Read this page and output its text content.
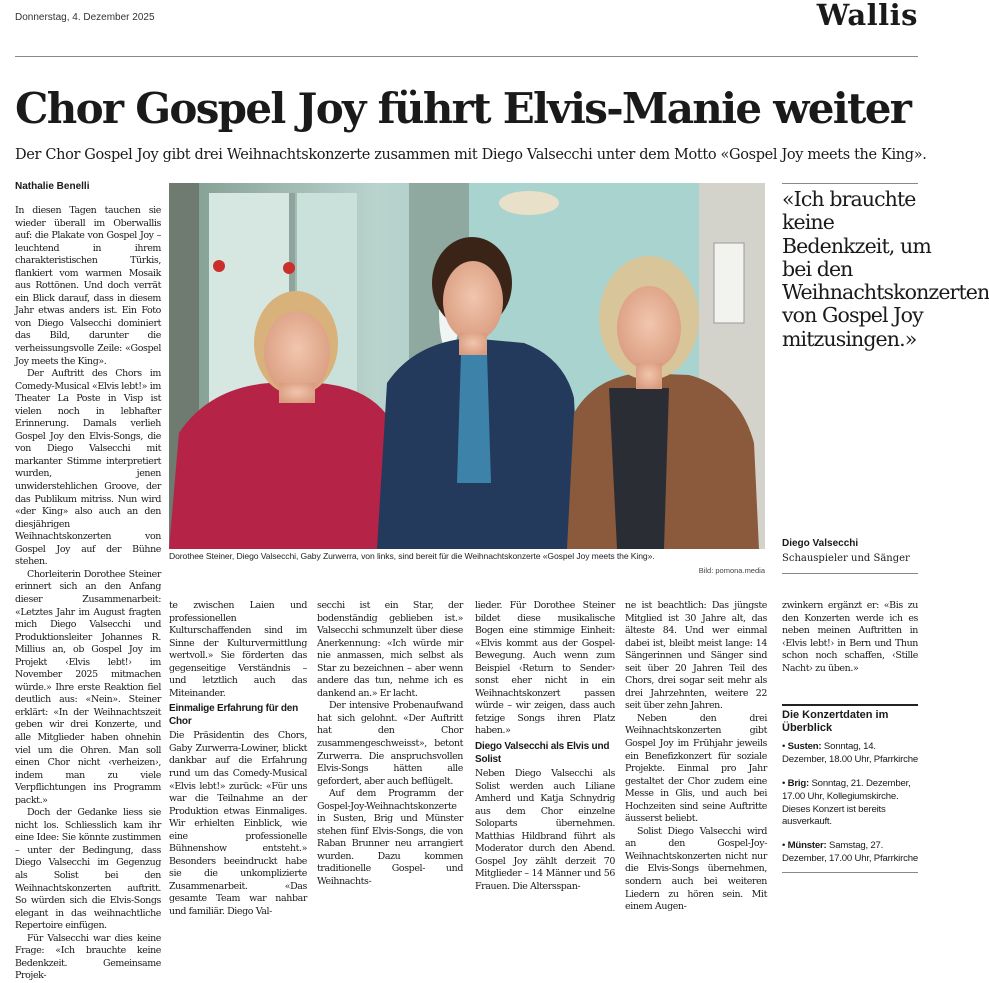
Donnerstag, 4. Dezember 2025	Wallis
Chor Gospel Joy führt Elvis-Manie weiter
Der Chor Gospel Joy gibt drei Weihnachtskonzerte zusammen mit Diego Valsecchi unter dem Motto «Gospel Joy meets the King».
Nathalie Benelli

In diesen Tagen tauchen sie wieder überall im Oberwallis auf: die Plakate von Gospel Joy – leuchtend in ihrem charakteristischen Türkis, flankiert vom warmen Mosaik aus Rottönen. Und doch verrät ein Blick darauf, dass in diesem Jahr etwas anders ist. Ein Foto von Diego Valsecchi dominiert das Bild, darunter die verheissungsvolle Zeile: «Gospel Joy meets the King».

Der Auftritt des Chors im Comedy-Musical «Elvis lebt!» im Theater La Poste in Visp ist vielen noch in lebhafter Erinnerung. Damals verlieh Gospel Joy den Elvis-Songs, die von Diego Valsecchi mit markanter Stimme interpretiert wurden, jenen unwiderstehlichen Groove, der das Publikum mitriss. Nun wird «der King» also auch an den diesjährigen Weihnachtskonzerten von Gospel Joy auf der Bühne stehen.

Chorleiterin Dorothee Steiner erinnert sich an den Anfang dieser Zusammenarbeit: «Letztes Jahr im August fragten mich Diego Valsecchi und Produktionsleiter Johannes R. Millius an, ob Gospel Joy im Projekt ‹Elvis lebt!› im November 2025 mitmachen würde.» Ihre erste Reaktion fiel deutlich aus: «Nein». Steiner erklärt: «In der Weihnachtszeit geben wir drei Konzerte, und alle Mitglieder haben ohnehin viel um die Ohren. Man soll einen Chor nicht ‹verheizen›, indem man zu viele Verpflichtungen ins Programm packt.»

Doch der Gedanke liess sie nicht los. Schliesslich kam ihr eine Idee: Sie könnte zustimmen – unter der Bedingung, dass Diego Valsecchi im Gegenzug als Solist bei den Weihnachtskonzerten auftritt. So würden sich die Elvis-Songs elegant in das weihnachtliche Repertoire einfügen.

Für Valsecchi war dies keine Frage: «Ich brauchte keine Bedenkzeit. Gemeinsame Projek-

te zwischen Laien und professionellen Kulturschaffenden sind im Sinne der Kulturvermittlung wertvoll.» Sie förderten das gegenseitige Verständnis – und letztlich auch das Miteinander.

Einmalige Erfahrung für den Chor

Die Präsidentin des Chors, Gaby Zurwerra-Lowiner, blickt dankbar auf die Erfahrung rund um das Comedy-Musical «Elvis lebt!» zurück: «Für uns war die Teilnahme an der Produktion etwas Einmaliges. Wir erhielten Einblick, wie eine professionelle Bühnenshow entsteht.» Besonders beeindruckt habe sie die unkomplizierte Zusammenarbeit. «Das gesamte Team war nahbar und familiär. Diego Val-

secchi ist ein Star, der bodenständig geblieben ist.» Valsecchi schmunzelt über diese Anerkennung: «Ich würde mir nie anmassen, mich selbst als Star zu bezeichnen – aber wenn andere das tun, nehme ich es dankend an.» Er lacht.

Der intensive Probenaufwand hat sich gelohnt. «Der Auftritt hat den Chor zusammengeschweisst», betont Zurwerra. Die anspruchsvollen Elvis-Songs hätten alle gefordert, aber auch beflügelt.

Auf dem Programm der Gospel-Joy-Weihnachtskonzerte in Susten, Brig und Münster stehen fünf Elvis-Songs, die von Raban Brunner neu arrangiert wurden. Dazu kommen traditionelle Gospel- und Weihnachts-

lieder. Für Dorothee Steiner bildet diese musikalische Bogen eine stimmige Einheit: «Elvis kommt aus der Gospel-Bewegung. Auch wenn zum Beispiel ‹Return to Sender› sonst eher nicht in ein Weihnachtskonzert passen würde – wir zeigen, dass auch fetzige Songs ihren Platz haben.»

Diego Valsecchi als Elvis und Solist

Neben Diego Valsecchi als Solist werden auch Liliane Amherd und Katja Schnydrig aus dem Chor einzelne Soloparts übernehmen. Matthias Hildbrand führt als Moderator durch den Abend. Gospel Joy zählt derzeit 70 Mitglieder – 14 Männer und 56 Frauen. Die Altersspan-

ne ist beachtlich: Das jüngste Mitglied ist 30 Jahre alt, das älteste 84. Und wer einmal dabei ist, bleibt meist lange: 14 Sängerinnen und Sänger sind seit über 20 Jahren Teil des Chors, drei sogar seit mehr als drei Jahrzehnten, weitere 22 seit über zehn Jahren.

Neben den drei Weihnachtskonzerten gibt Gospel Joy im Frühjahr jeweils ein Benefizkonzert für soziale Projekte. Einmal pro Jahr gestaltet der Chor zudem eine Messe in Glis, und auch bei Hochzeiten sind seine Auftritte äusserst beliebt.

Solist Diego Valsecchi wird an den Gospel-Joy-Weihnachtskonzerten nicht nur die Elvis-Songs übernehmen, sondern auch bei weiteren Liedern zu hören sein. Mit einem Augen-

zwinkern ergänzt er: «Bis zu den Konzerten werde ich es neben meinen Auftritten in ‹Elvis lebt!› in Bern und Thun schon noch schaffen, ‹Stille Nacht› zu üben.»

Dorothee Steiner, Diego Valsecchi, Gaby Zurwerra, von links, sind bereit für die Weihnachtskonzerte «Gospel Joy meets the King».
Bild: pomona.media
«Ich brauchte keine Bedenkzeit, um bei den Weihnachtskonzerten von Gospel Joy mitzusingen.»
Diego Valsecchi
Schauspieler und Sänger
Die Konzertdaten im Überblick
• Susten: Sonntag, 14. Dezember, 18.00 Uhr, Pfarrkirche
• Brig: Sonntag, 21. Dezember, 17.00 Uhr, Kollegiumskirche. Dieses Konzert ist bereits ausverkauft.
• Münster: Samstag, 27. Dezember, 17.00 Uhr, Pfarrkirche
